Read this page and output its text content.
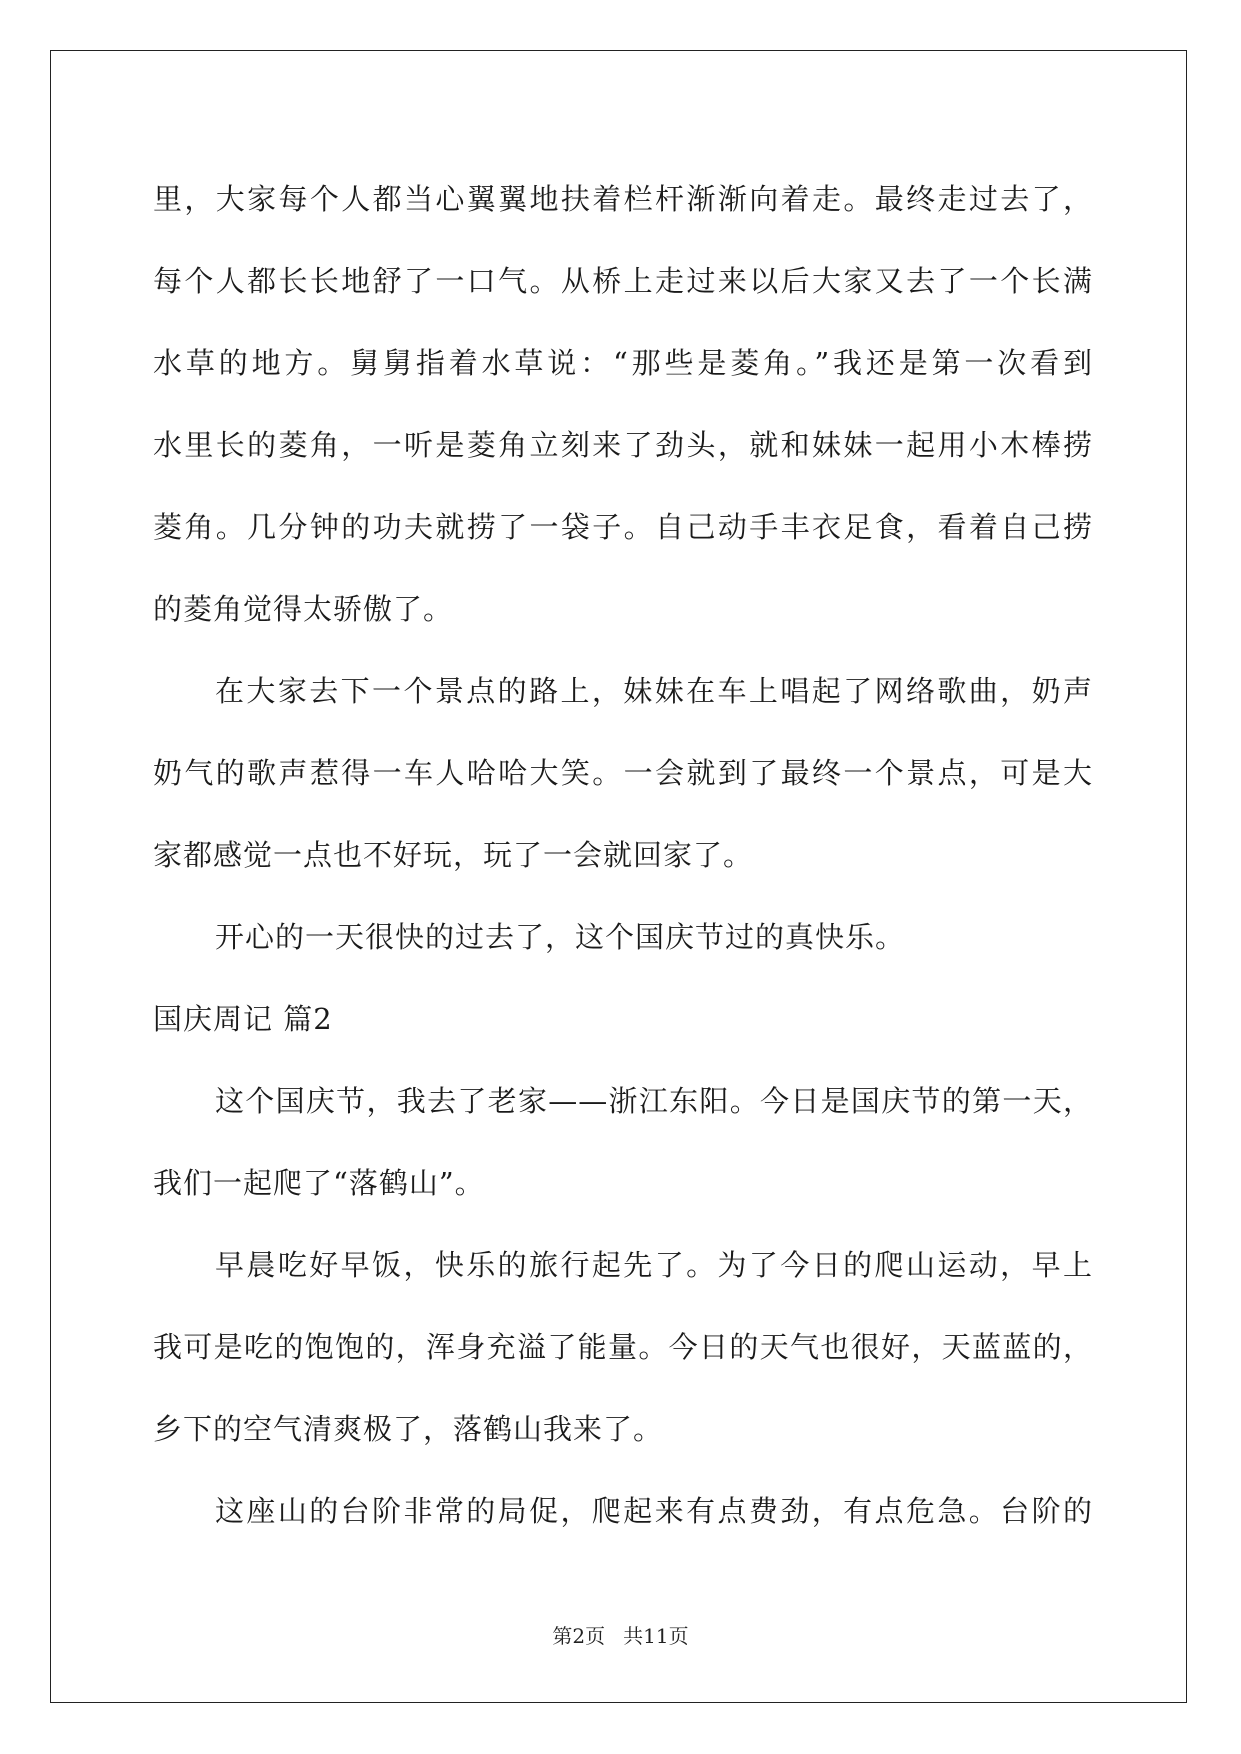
里，大家每个人都当心翼翼地扶着栏杆渐渐向着走。最终走过去了，

每个人都长长地舒了一口气。从桥上走过来以后大家又去了一个长满

水草的地方。舅舅指着水草说：“那些是菱角。”我还是第一次看到

水里长的菱角，一听是菱角立刻来了劲头，就和妹妹一起用小木棒捞

菱角。几分钟的功夫就捞了一袋子。自己动手丰衣足食，看着自己捞

的菱角觉得太骄傲了。

在大家去下一个景点的路上，妹妹在车上唱起了网络歌曲，奶声

奶气的歌声惹得一车人哈哈大笑。一会就到了最终一个景点，可是大

家都感觉一点也不好玩，玩了一会就回家了。

开心的一天很快的过去了，这个国庆节过的真快乐。

国庆周记 篇2

这个国庆节，我去了老家——浙江东阳。今日是国庆节的第一天，

我们一起爬了“落鹤山”。

早晨吃好早饭，快乐的旅行起先了。为了今日的爬山运动，早上

我可是吃的饱饱的，浑身充溢了能量。今日的天气也很好，天蓝蓝的，

乡下的空气清爽极了，落鹤山我来了。

这座山的台阶非常的局促，爬起来有点费劲，有点危急。台阶的

第2页 共11页
